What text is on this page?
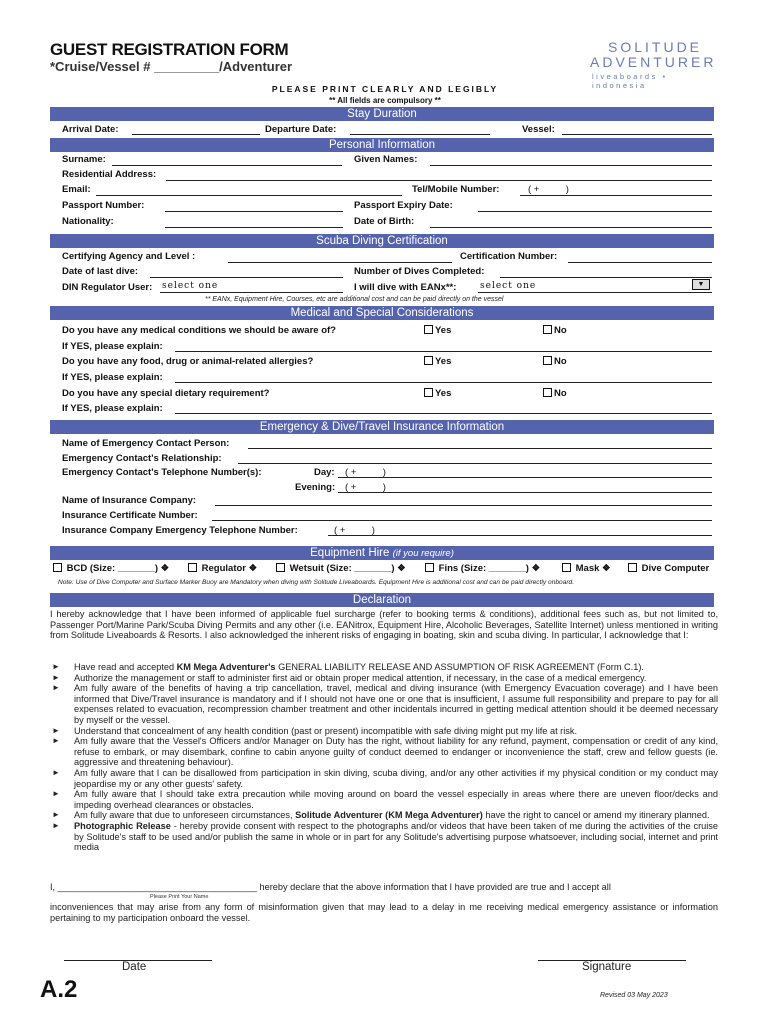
GUEST REGISTRATION FORM
*Cruise/Vessel # _________/Adventurer
SOLITUDE
ADVENTURER
liveaboards • indonesia
PLEASE PRINT CLEARLY AND LEGIBLY
** All fields are compulsory **
Stay Duration
Arrival Date:	Departure Date:	Vessel:
Personal Information
Surname:	Given Names:
Residential Address:
Email:	Tel/Mobile Number:	( +          )
Passport Number:	Passport Expiry Date:
Nationality:	Date of Birth:
Scuba Diving Certification
Certifying Agency and Level :	Certification Number:
Date of last dive:	Number of Dives Completed:
DIN Regulator User: select one	I will dive with EANx**:	select one	▼
** EANx, Equipment Hire, Courses, etc are additional cost and can be paid directly on the vessel
Medical and Special Considerations
Do you have any medical conditions we should be aware of?	Yes	No
If YES, please explain:
Do you have any food, drug or animal-related allergies?	Yes	No
If YES, please explain:
Do you have any special dietary requirement?	Yes	No
If YES, please explain:
Emergency & Dive/Travel Insurance Information
Name of Emergency Contact Person:
Emergency Contact's Relationship:
Emergency Contact's Telephone Number(s):	Day: ( +          )
Evening: ( +          )
Name of Insurance Company:
Insurance Certificate Number:
Insurance Company Emergency Telephone Number:	( +          )
Equipment Hire (if you require)
BCD (Size: _______) ❖	Regulator ❖	Wetsuit (Size: _______) ❖	Fins (Size: _______) ❖	Mask ❖	Dive Computer
Note: Use of Dive Computer and Surface Marker Buoy are Mandatory when diving with Solitude Liveaboards. Equipment Hire is additional cost and can be paid directly onboard.
Declaration
I hereby acknowledge that I have been informed of applicable fuel surcharge (refer to booking terms & conditions), additional fees such as, but not limited to, Passenger Port/Marine Park/Scuba Diving Permits and any other (i.e. EANitrox, Equipment Hire, Alcoholic Beverages, Satellite Internet) unless mentioned in writing from Solitude Liveaboards & Resorts. I also acknowledged the inherent risks of engaging in boating, skin and scuba diving. In particular, I acknowledge that I:
► Have read and accepted KM Mega Adventurer's GENERAL LIABILITY RELEASE AND ASSUMPTION OF RISK AGREEMENT (Form C.1).
► Authorize the management or staff to administer first aid or obtain proper medical attention, if necessary, in the case of a medical emergency.
► Am fully aware of the benefits of having a trip cancellation, travel, medical and diving insurance (with Emergency Evacuation coverage) and I have been informed that Dive/Travel insurance is mandatory and if I should not have one or one that is insufficient, I assume full responsibility and prepare to pay for all expenses related to evacuation, recompression chamber treatment and other incidentals incurred in getting medical attention should it be deemed necessary by myself or the vessel.
► Understand that concealment of any health condition (past or present) incompatible with safe diving might put my life at risk.
► Am fully aware that the Vessel's Officers and/or Manager on Duty has the right, without liability for any refund, payment, compensation or credit of any kind, refuse to embark, or may disembark, confine to cabin anyone guilty of conduct deemed to endanger or inconvenience the staff, crew and fellow guests (ie. aggressive and threatening behaviour).
► Am fully aware that I can be disallowed from participation in skin diving, scuba diving, and/or any other activities if my physical condition or my conduct may jeopardise my or any other guests' safety.
► Am fully aware that I should take extra precaution while moving around on board the vessel especially in areas where there are uneven floor/decks and impeding overhead clearances or obstacles.
► Am fully aware that due to unforeseen circumstances, Solitude Adventurer (KM Mega Adventurer) have the right to cancel or amend my itinerary planned.
► Photographic Release - hereby provide consent with respect to the photographs and/or videos that have been taken of me during the activities of the cruise by Solitude's staff to be used and/or publish the same in whole or in part for any Solitude's advertising purpose whatsoever, including social, internet and print media
I, _______________________________________ hereby declare that the above information that I have provided are true and I accept all
Please Print Your Name
inconveniences that may arise from any form of misinformation given that may lead to a delay in me receiving medical emergency assistance or information pertaining to my participation onboard the vessel.
Date	Signature
A.2	Revised 03 May 2023
